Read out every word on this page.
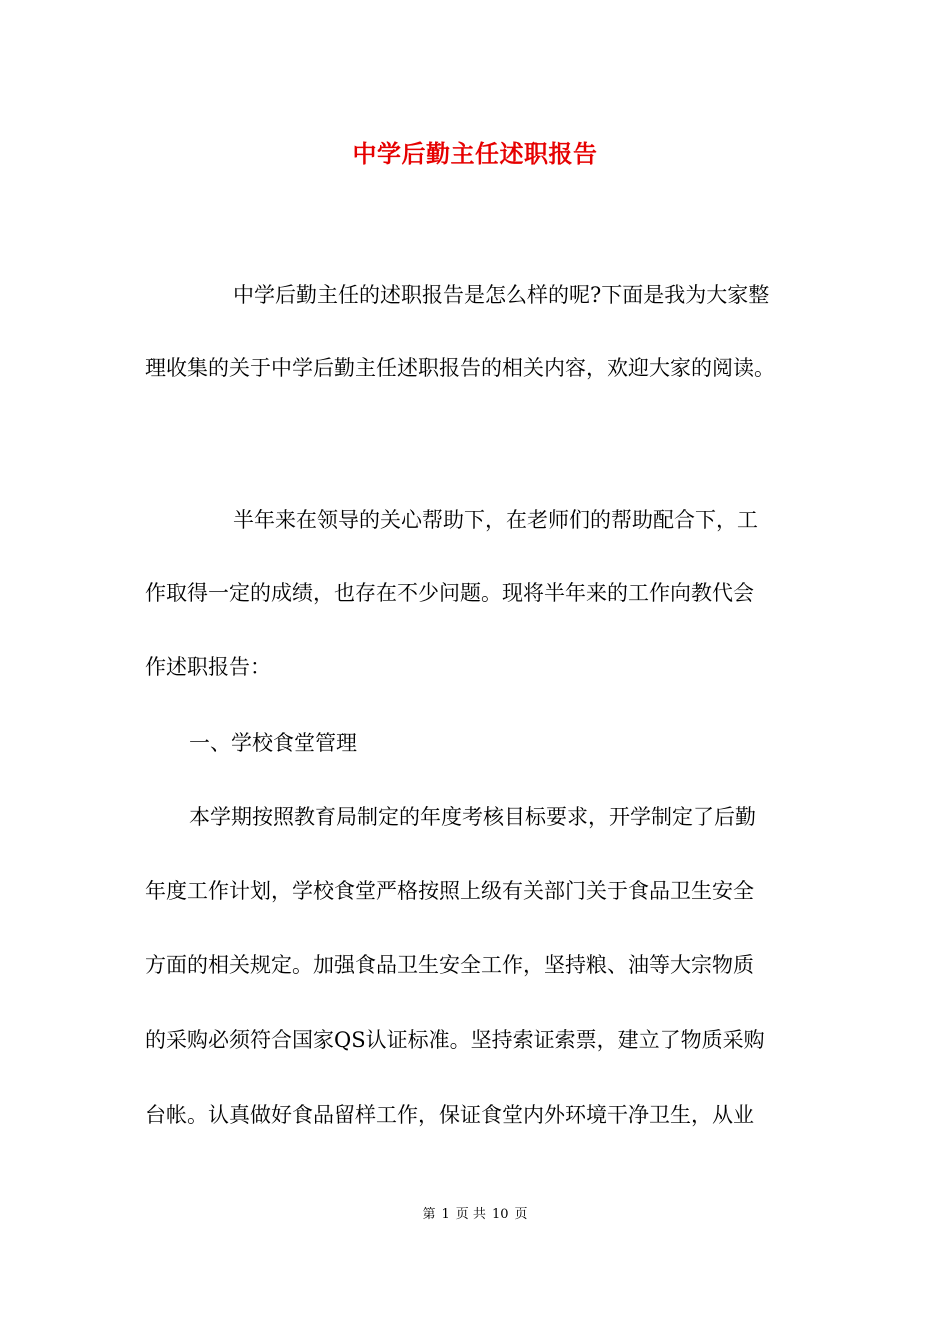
中学后勤主任述职报告
中学后勤主任的述职报告是怎么样的呢?下面是我为大家整
理收集的关于中学后勤主任述职报告的相关内容，欢迎大家的阅读。
半年来在领导的关心帮助下，在老师们的帮助配合下，工
作取得一定的成绩，也存在不少问题。现将半年来的工作向教代会
作述职报告：
一、学校食堂管理
本学期按照教育局制定的年度考核目标要求，开学制定了后勤
年度工作计划，学校食堂严格按照上级有关部门关于食品卫生安全
方面的相关规定。加强食品卫生安全工作，坚持粮、油等大宗物质
的采购必须符合国家QS认证标准。坚持索证索票，建立了物质采购
台帐。认真做好食品留样工作，保证食堂内外环境干净卫生，从业
第 1 页 共 10 页
